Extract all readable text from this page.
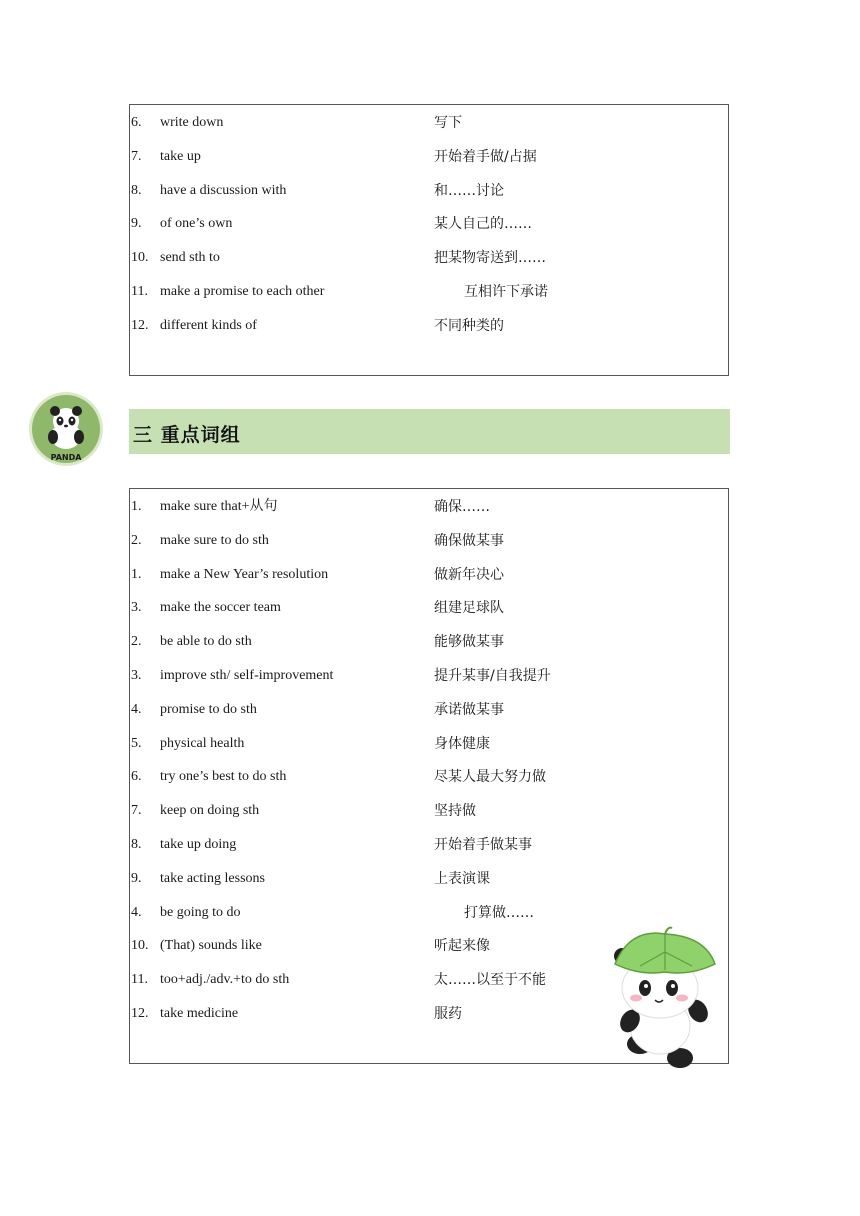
6. write down	写下
7. take up	开始着手做/占据
8. have a discussion with	和……讨论
9. of one’s own	某人自己的……
10. send sth to	把某物寄送到……
11. make a promise to each other	互相许下承诺
12. different kinds of	不同种类的
PANDA
三 重点词组
1. make sure that+从句	确保……
2. make sure to do sth	确保做某事
1. make a New Year’s resolution	做新年决心
3. make the soccer team	组建足球队
2. be able to do sth	能够做某事
3. improve sth/ self-improvement	提升某事/自我提升
4. promise to do sth	承诺做某事
5. physical health	身体健康
6. try one’s best to do sth	尽某人最大努力做
7. keep on doing sth	坚持做
8. take up doing	开始着手做某事
9. take acting lessons	上表演课
4. be going to do	打算做……
10. (That) sounds like	听起来像
11. too+adj./adv.+to do sth	太……以至于不能
12. take medicine	服药
